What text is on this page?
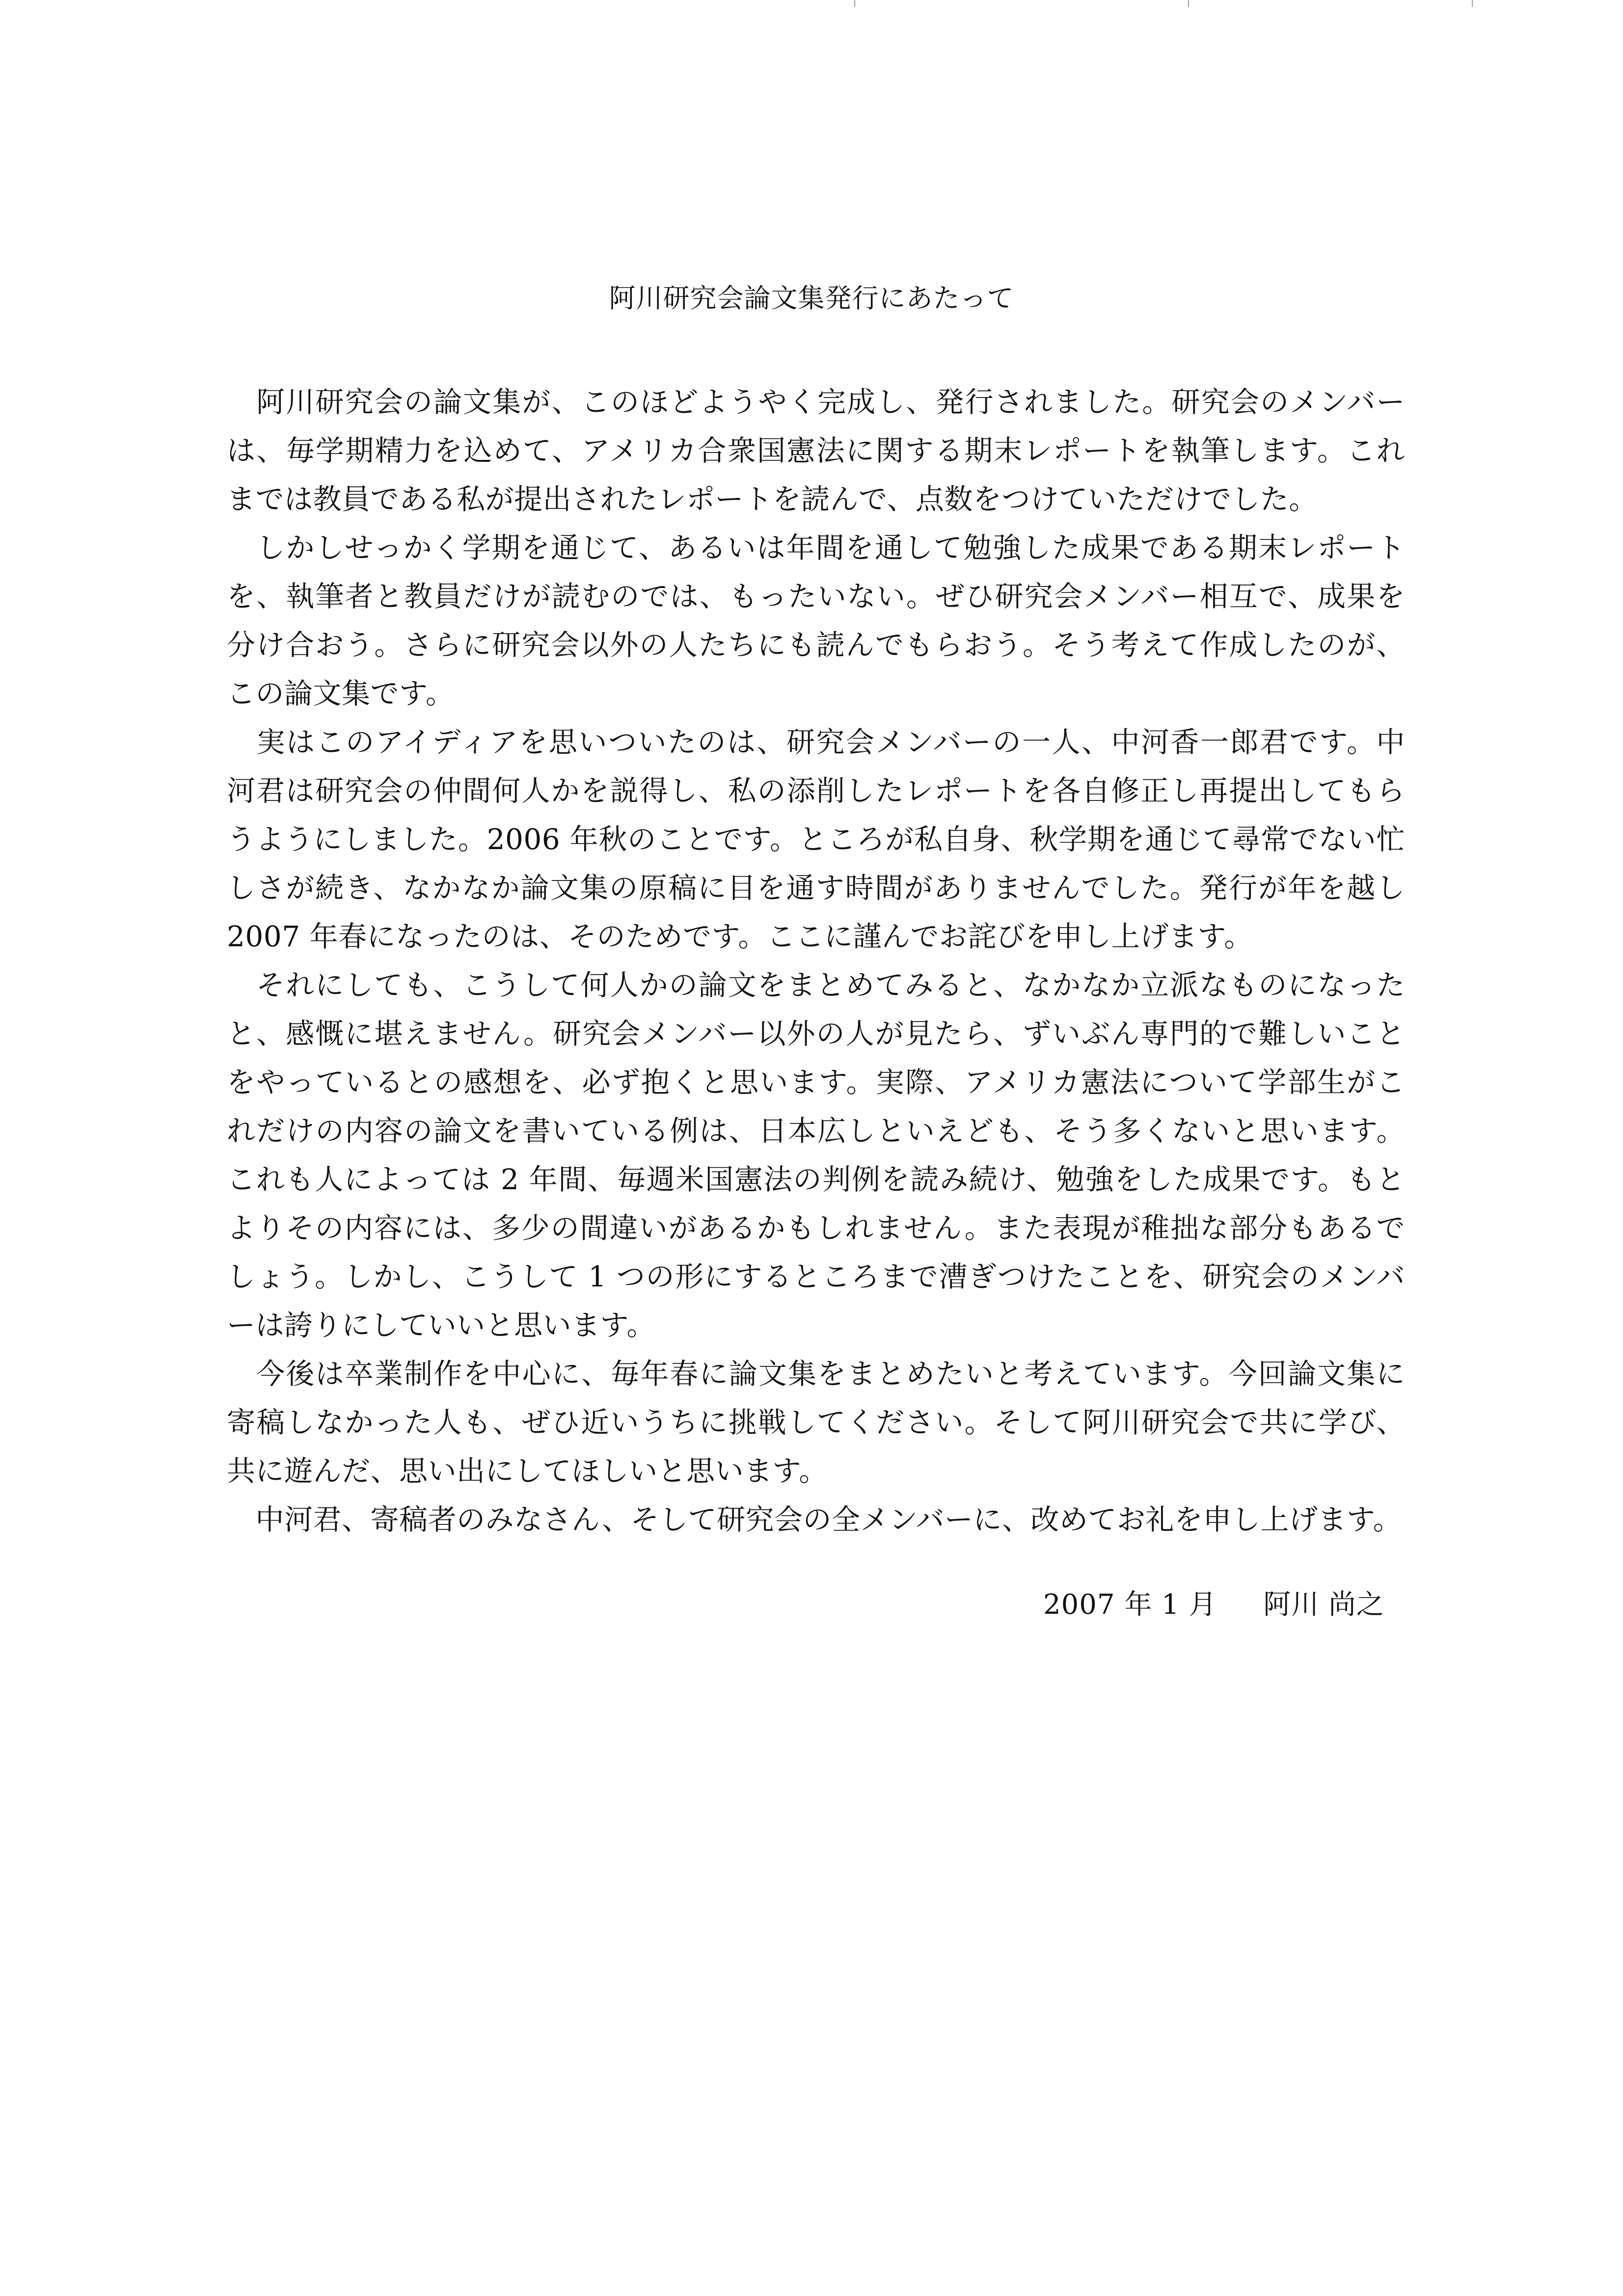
阿川研究会論文集発行にあたって
　阿川研究会の論文集が、このほどようやく完成し、発行されました。研究会のメンバー
は、毎学期精力を込めて、アメリカ合衆国憲法に関する期末レポートを執筆します。これ
までは教員である私が提出されたレポートを読んで、点数をつけていただけでした。
　しかしせっかく学期を通じて、あるいは年間を通して勉強した成果である期末レポート
を、執筆者と教員だけが読むのでは、もったいない。ぜひ研究会メンバー相互で、成果を
分け合おう。さらに研究会以外の人たちにも読んでもらおう。そう考えて作成したのが、
この論文集です。
　実はこのアイディアを思いついたのは、研究会メンバーの一人、中河香一郎君です。中
河君は研究会の仲間何人かを説得し、私の添削したレポートを各自修正し再提出してもら
うようにしました。2006 年秋のことです。ところが私自身、秋学期を通じて尋常でない忙
しさが続き、なかなか論文集の原稿に目を通す時間がありませんでした。発行が年を越し
2007 年春になったのは、そのためです。ここに謹んでお詫びを申し上げます。
　それにしても、こうして何人かの論文をまとめてみると、なかなか立派なものになった
と、感慨に堪えません。研究会メンバー以外の人が見たら、ずいぶん専門的で難しいこと
をやっているとの感想を、必ず抱くと思います。実際、アメリカ憲法について学部生がこ
れだけの内容の論文を書いている例は、日本広しといえども、そう多くないと思います。
これも人によっては 2 年間、毎週米国憲法の判例を読み続け、勉強をした成果です。もと
よりその内容には、多少の間違いがあるかもしれません。また表現が稚拙な部分もあるで
しょう。しかし、こうして 1 つの形にするところまで漕ぎつけたことを、研究会のメンバ
ーは誇りにしていいと思います。
　今後は卒業制作を中心に、毎年春に論文集をまとめたいと考えています。今回論文集に
寄稿しなかった人も、ぜひ近いうちに挑戦してください。そして阿川研究会で共に学び、
共に遊んだ、思い出にしてほしいと思います。
　中河君、寄稿者のみなさん、そして研究会の全メンバーに、改めてお礼を申し上げます。
2007 年 1 月 　 阿川 尚之
